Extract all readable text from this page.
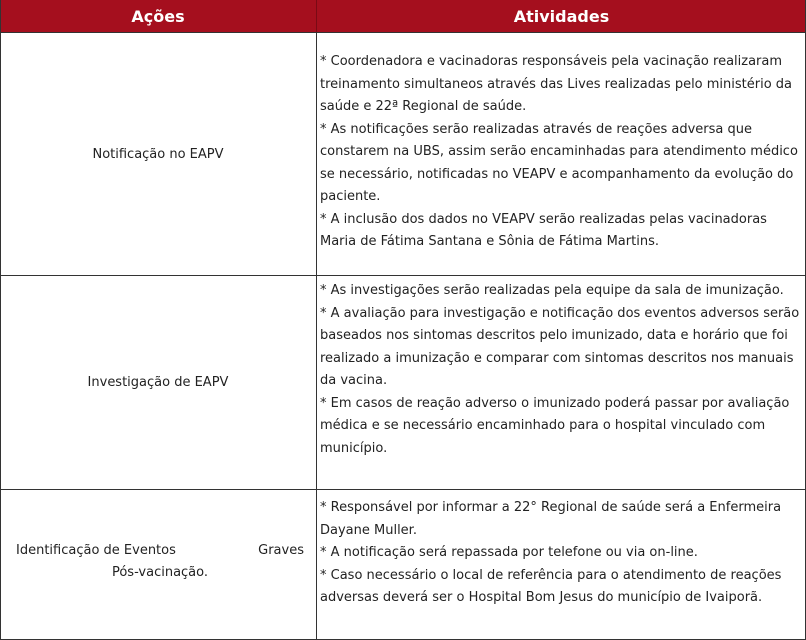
Ações	Atividades
Notificação no EAPV

* Coordenadora e vacinadoras responsáveis pela vacinação realizaram treinamento simultaneos através das Lives realizadas pelo ministério da saúde e 22ª Regional de saúde.

* As notificações serão realizadas através de reações adversa que constarem na UBS, assim serão encaminhadas para atendimento médico se necessário, notificadas no VEAPV e acompanhamento da evolução do paciente.

* A inclusão dos dados no VEAPV serão realizadas pelas vacinadoras Maria de Fátima Santana e Sônia de Fátima Martins.

Investigação de EAPV

* As investigações serão realizadas pela equipe da sala de imunização.

* A avaliação para investigação e notificação dos eventos adversos serão baseados nos sintomas descritos pelo imunizado, data e horário que foi realizado a imunização e comparar com sintomas descritos nos manuais da vacina.

* Em casos de reação adverso o imunizado poderá passar por avaliação médica e se necessário encaminhado para o hospital vinculado com município.

Identificação de Eventos	Graves
Pós-vacinação.

* Responsável por informar a 22° Regional de saúde será a Enfermeira Dayane Muller.

* A notificação será repassada por telefone ou via on-line.

* Caso necessário o local de referência para o atendimento de reações adversas deverá ser o Hospital Bom Jesus do município de Ivaiporã.
